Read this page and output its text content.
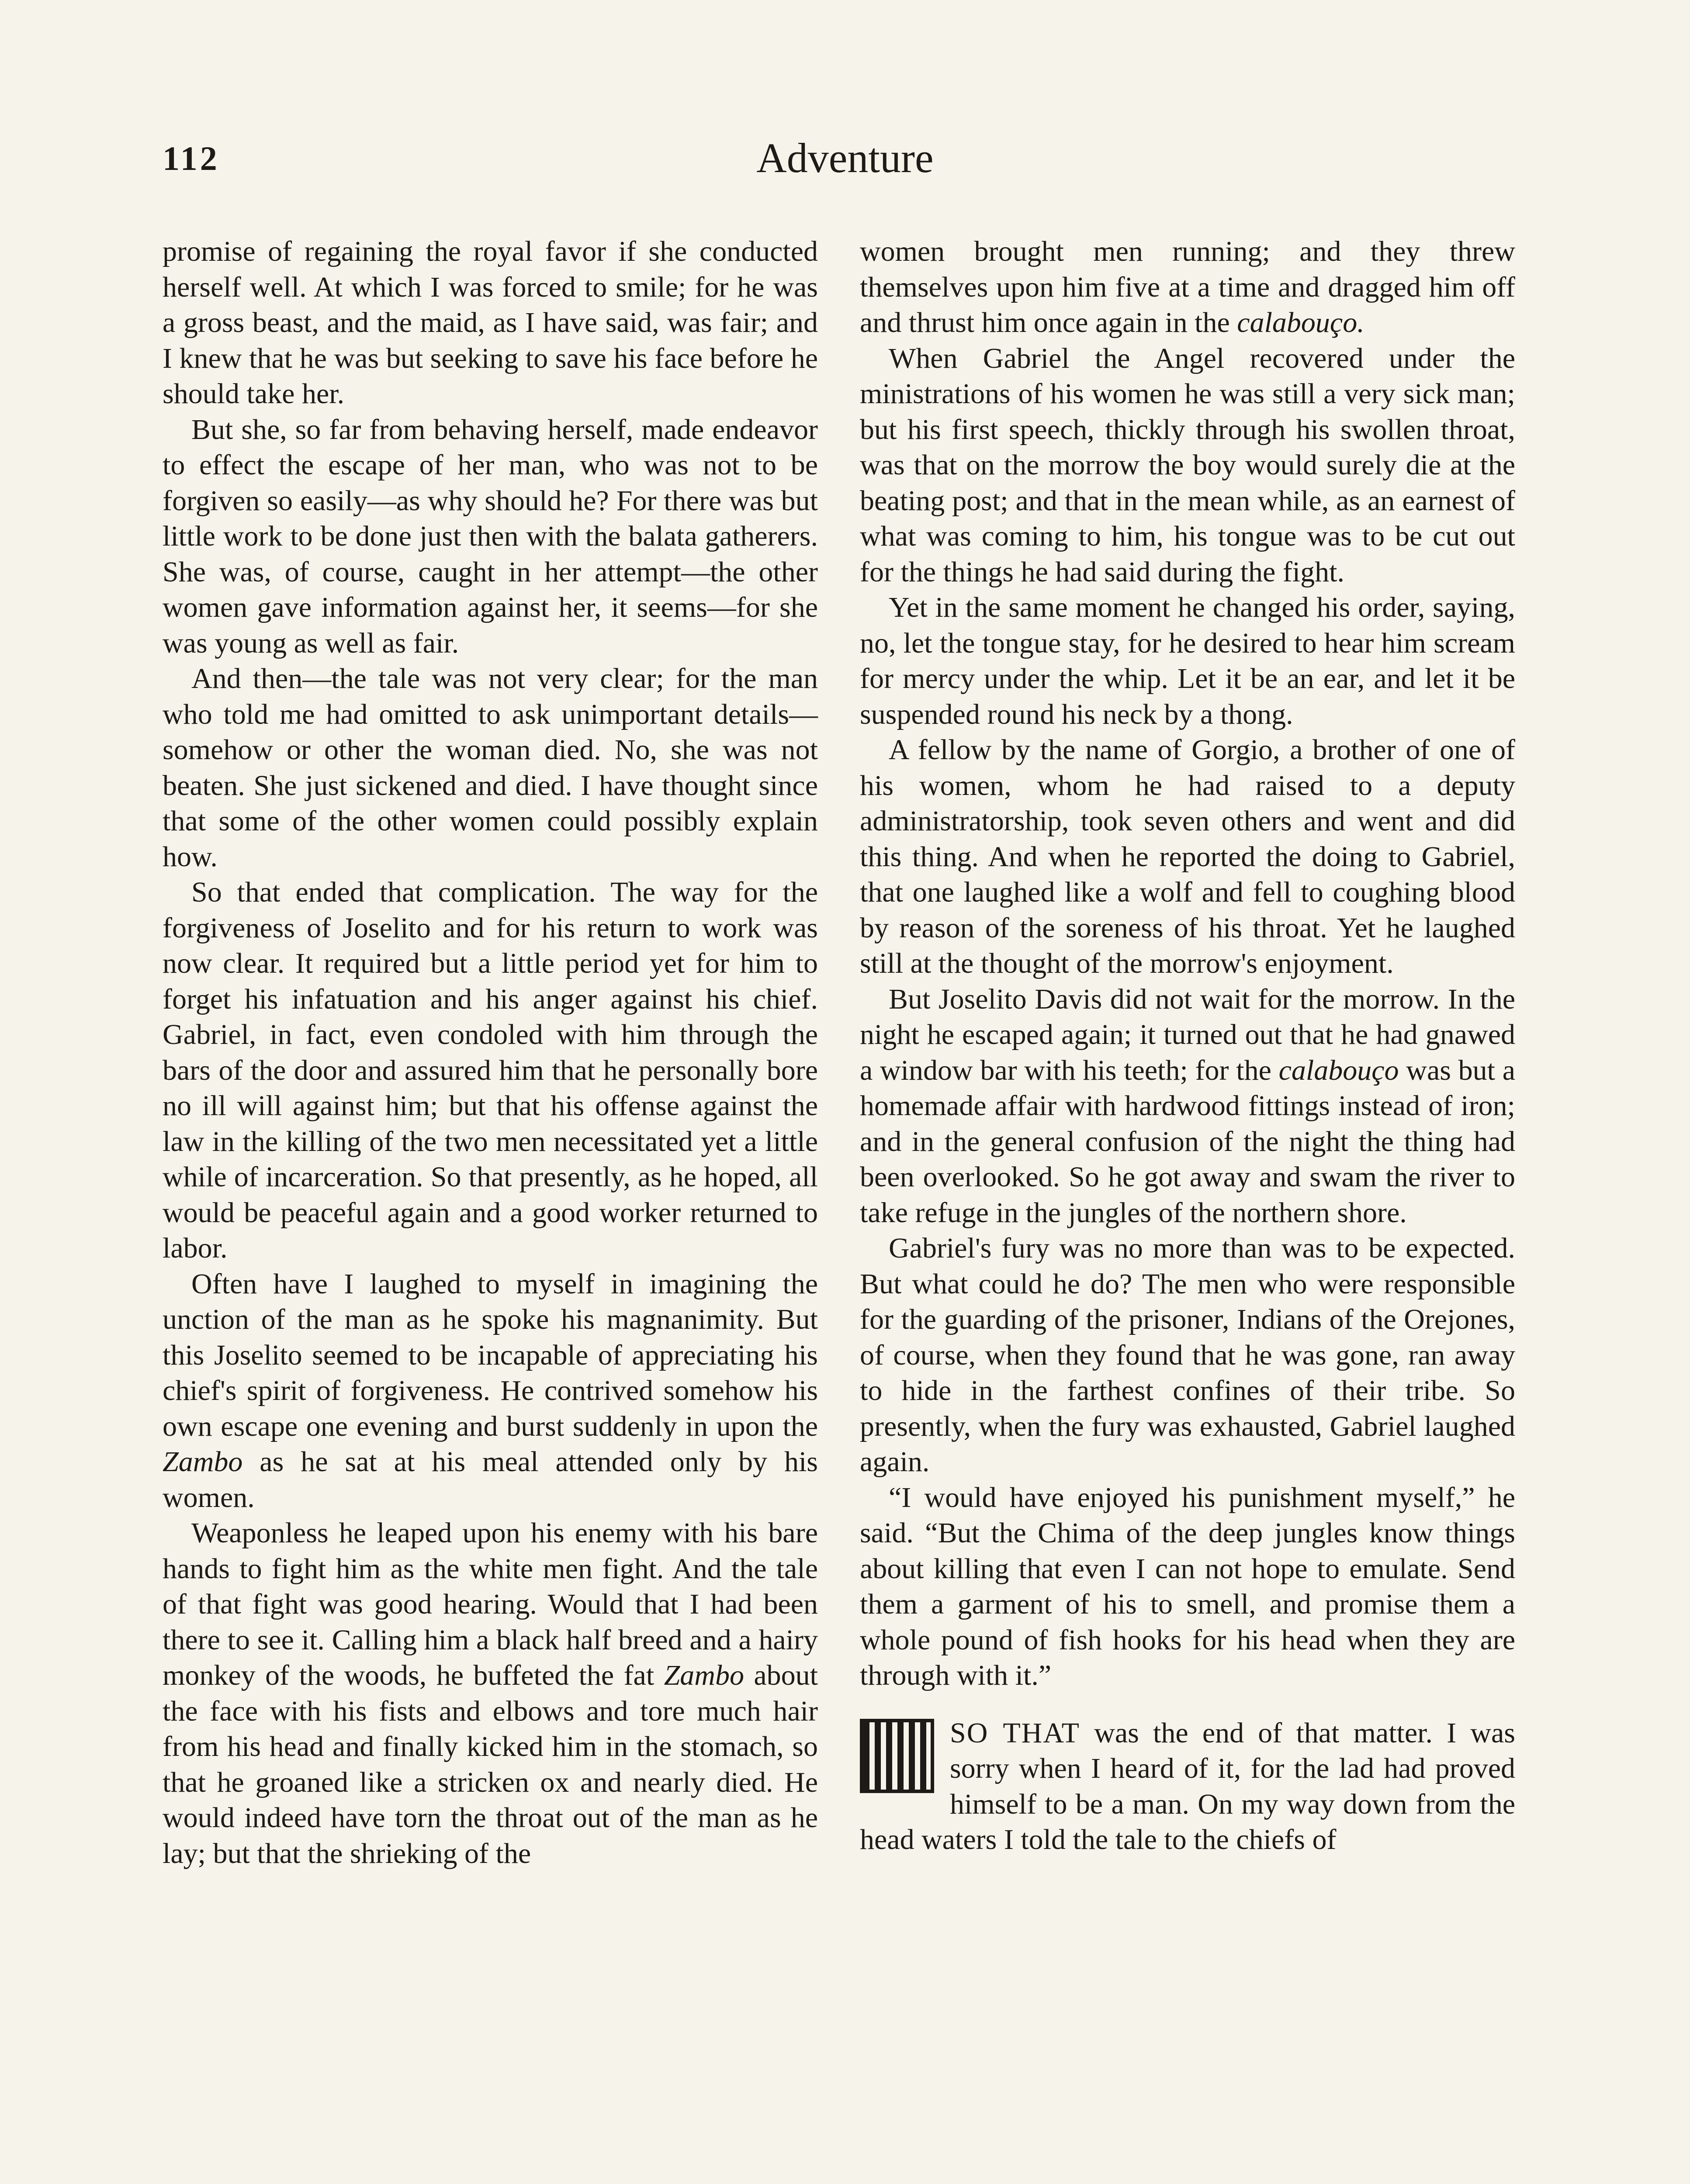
112	Adventure

promise of regaining the royal favor if she conducted herself well. At which I was forced to smile; for he was a gross beast, and the maid, as I have said, was fair; and I knew that he was but seeking to save his face before he should take her.

But she, so far from behaving herself, made endeavor to effect the escape of her man, who was not to be forgiven so easily—as why should he? For there was but little work to be done just then with the balata gatherers. She was, of course, caught in her attempt—the other women gave information against her, it seems—for she was young as well as fair.

And then—the tale was not very clear; for the man who told me had omitted to ask unimportant details—somehow or other the woman died. No, she was not beaten. She just sickened and died. I have thought since that some of the other women could possibly explain how.

So that ended that complication. The way for the forgiveness of Joselito and for his return to work was now clear. It required but a little period yet for him to forget his infatuation and his anger against his chief. Gabriel, in fact, even condoled with him through the bars of the door and assured him that he personally bore no ill will against him; but that his offense against the law in the killing of the two men necessitated yet a little while of incarceration. So that presently, as he hoped, all would be peaceful again and a good worker returned to labor.

Often have I laughed to myself in imagining the unction of the man as he spoke his magnanimity. But this Joselito seemed to be incapable of appreciating his chief's spirit of forgiveness. He contrived somehow his own escape one evening and burst suddenly in upon the Zambo as he sat at his meal attended only by his women.

Weaponless he leaped upon his enemy with his bare hands to fight him as the white men fight. And the tale of that fight was good hearing. Would that I had been there to see it. Calling him a black half breed and a hairy monkey of the woods, he buffeted the fat Zambo about the face with his fists and elbows and tore much hair from his head and finally kicked him in the stomach, so that he groaned like a stricken ox and nearly died. He would indeed have torn the throat out of the man as he lay; but that the shrieking of the

women brought men running; and they threw themselves upon him five at a time and dragged him off and thrust him once again in the calabouço.

When Gabriel the Angel recovered under the ministrations of his women he was still a very sick man; but his first speech, thickly through his swollen throat, was that on the morrow the boy would surely die at the beating post; and that in the mean while, as an earnest of what was coming to him, his tongue was to be cut out for the things he had said during the fight.

Yet in the same moment he changed his order, saying, no, let the tongue stay, for he desired to hear him scream for mercy under the whip. Let it be an ear, and let it be suspended round his neck by a thong.

A fellow by the name of Gorgio, a brother of one of his women, whom he had raised to a deputy administratorship, took seven others and went and did this thing. And when he reported the doing to Gabriel, that one laughed like a wolf and fell to coughing blood by reason of the soreness of his throat. Yet he laughed still at the thought of the morrow's enjoyment.

But Joselito Davis did not wait for the morrow. In the night he escaped again; it turned out that he had gnawed a window bar with his teeth; for the calabouço was but a homemade affair with hardwood fittings instead of iron; and in the general confusion of the night the thing had been overlooked. So he got away and swam the river to take refuge in the jungles of the northern shore.

Gabriel's fury was no more than was to be expected. But what could he do? The men who were responsible for the guarding of the prisoner, Indians of the Orejones, of course, when they found that he was gone, ran away to hide in the farthest confines of their tribe. So presently, when the fury was exhausted, Gabriel laughed again.

“I would have enjoyed his punishment myself,” he said. “But the Chima of the deep jungles know things about killing that even I can not hope to emulate. Send them a garment of his to smell, and promise them a whole pound of fish hooks for his head when they are through with it.”

SO THAT was the end of that matter. I was sorry when I heard of it, for the lad had proved himself to be a man. On my way down from the head waters I told the tale to the chiefs of
